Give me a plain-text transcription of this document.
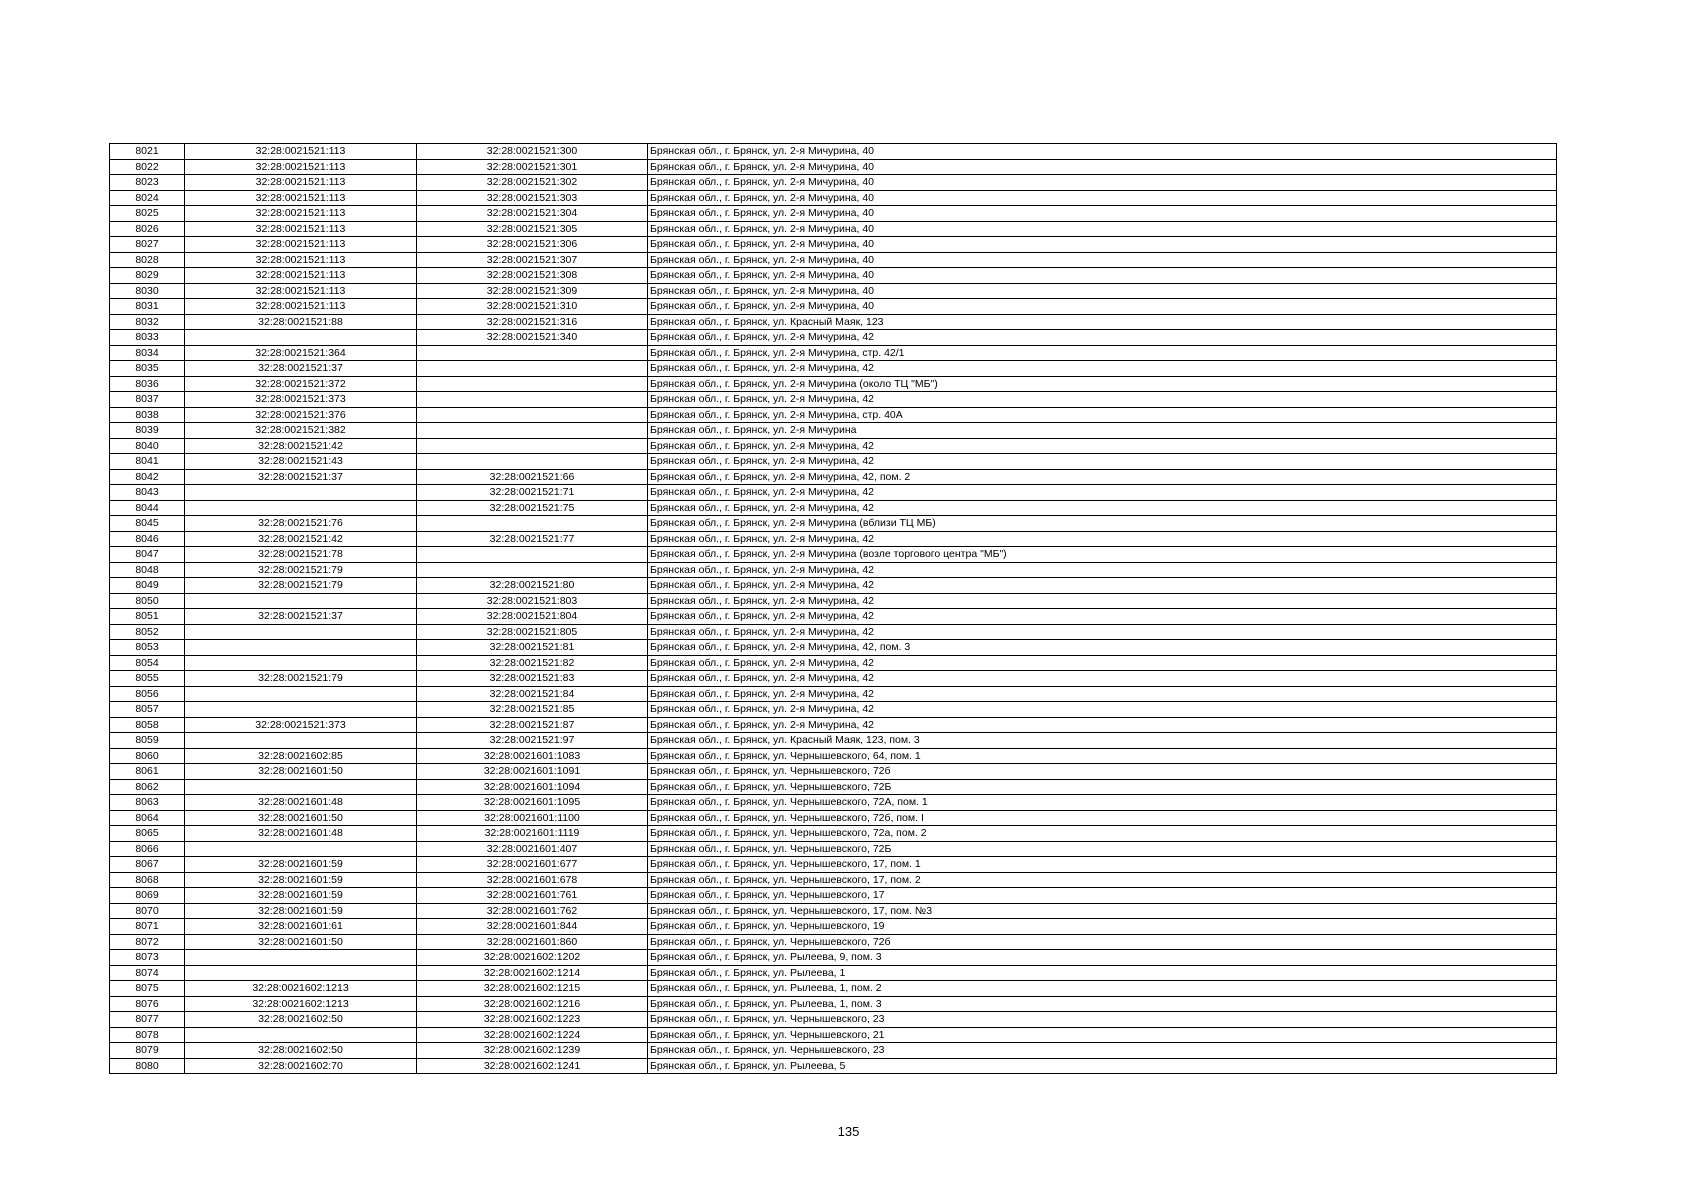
8021	32:28:0021521:113	32:28:0021521:300	Брянская обл., г. Брянск, ул. 2-я Мичурина, 40
8022	32:28:0021521:113	32:28:0021521:301	Брянская обл., г. Брянск, ул. 2-я Мичурина, 40
8023	32:28:0021521:113	32:28:0021521:302	Брянская обл., г. Брянск, ул. 2-я Мичурина, 40
8024	32:28:0021521:113	32:28:0021521:303	Брянская обл., г. Брянск, ул. 2-я Мичурина, 40
8025	32:28:0021521:113	32:28:0021521:304	Брянская обл., г. Брянск, ул. 2-я Мичурина, 40
8026	32:28:0021521:113	32:28:0021521:305	Брянская обл., г. Брянск, ул. 2-я Мичурина, 40
8027	32:28:0021521:113	32:28:0021521:306	Брянская обл., г. Брянск, ул. 2-я Мичурина, 40
8028	32:28:0021521:113	32:28:0021521:307	Брянская обл., г. Брянск, ул. 2-я Мичурина, 40
8029	32:28:0021521:113	32:28:0021521:308	Брянская обл., г. Брянск, ул. 2-я Мичурина, 40
8030	32:28:0021521:113	32:28:0021521:309	Брянская обл., г. Брянск, ул. 2-я Мичурина, 40
8031	32:28:0021521:113	32:28:0021521:310	Брянская обл., г. Брянск, ул. 2-я Мичурина, 40
8032	32:28:0021521:88	32:28:0021521:316	Брянская обл., г. Брянск, ул. Красный Маяк, 123
8033		32:28:0021521:340	Брянская обл., г. Брянск, ул. 2-я Мичурина, 42
8034	32:28:0021521:364		Брянская обл., г. Брянск, ул. 2-я Мичурина, стр. 42/1
8035	32:28:0021521:37		Брянская обл., г. Брянск, ул. 2-я Мичурина, 42
8036	32:28:0021521:372		Брянская обл., г. Брянск, ул. 2-я Мичурина (около ТЦ "МБ")
8037	32:28:0021521:373		Брянская обл., г. Брянск, ул. 2-я Мичурина, 42
8038	32:28:0021521:376		Брянская обл., г. Брянск, ул. 2-я Мичурина, стр. 40А
8039	32:28:0021521:382		Брянская обл., г. Брянск, ул. 2-я Мичурина
8040	32:28:0021521:42		Брянская обл., г. Брянск, ул. 2-я Мичурина, 42
8041	32:28:0021521:43		Брянская обл., г. Брянск, ул. 2-я Мичурина, 42
8042	32:28:0021521:37	32:28:0021521:66	Брянская обл., г. Брянск, ул. 2-я Мичурина, 42, пом. 2
8043		32:28:0021521:71	Брянская обл., г. Брянск, ул. 2-я Мичурина, 42
8044		32:28:0021521:75	Брянская обл., г. Брянск, ул. 2-я Мичурина, 42
8045	32:28:0021521:76		Брянская обл., г. Брянск, ул. 2-я Мичурина (вблизи ТЦ МБ)
8046	32:28:0021521:42	32:28:0021521:77	Брянская обл., г. Брянск, ул. 2-я Мичурина, 42
8047	32:28:0021521:78		Брянская обл., г. Брянск, ул. 2-я Мичурина (возле торгового центра "МБ")
8048	32:28:0021521:79		Брянская обл., г. Брянск, ул. 2-я Мичурина, 42
8049	32:28:0021521:79	32:28:0021521:80	Брянская обл., г. Брянск, ул. 2-я Мичурина, 42
8050		32:28:0021521:803	Брянская обл., г. Брянск, ул. 2-я Мичурина, 42
8051	32:28:0021521:37	32:28:0021521:804	Брянская обл., г. Брянск, ул. 2-я Мичурина, 42
8052		32:28:0021521:805	Брянская обл., г. Брянск, ул. 2-я Мичурина, 42
8053		32:28:0021521:81	Брянская обл., г. Брянск, ул. 2-я Мичурина, 42, пом. 3
8054		32:28:0021521:82	Брянская обл., г. Брянск, ул. 2-я Мичурина, 42
8055	32:28:0021521:79	32:28:0021521:83	Брянская обл., г. Брянск, ул. 2-я Мичурина, 42
8056		32:28:0021521:84	Брянская обл., г. Брянск, ул. 2-я Мичурина, 42
8057		32:28:0021521:85	Брянская обл., г. Брянск, ул. 2-я Мичурина, 42
8058	32:28:0021521:373	32:28:0021521:87	Брянская обл., г. Брянск, ул. 2-я Мичурина, 42
8059		32:28:0021521:97	Брянская обл., г. Брянск, ул. Красный Маяк, 123, пом. 3
8060	32:28:0021602:85	32:28:0021601:1083	Брянская обл., г. Брянск, ул. Чернышевского, 64, пом. 1
8061	32:28:0021601:50	32:28:0021601:1091	Брянская обл., г. Брянск, ул. Чернышевского, 72б
8062		32:28:0021601:1094	Брянская обл., г. Брянск, ул. Чернышевского, 72Б
8063	32:28:0021601:48	32:28:0021601:1095	Брянская обл., г. Брянск, ул. Чернышевского, 72А, пом. 1
8064	32:28:0021601:50	32:28:0021601:1100	Брянская обл., г. Брянск, ул. Чернышевского, 72б, пом. I
8065	32:28:0021601:48	32:28:0021601:1119	Брянская обл., г. Брянск, ул. Чернышевского, 72а, пом. 2
8066		32:28:0021601:407	Брянская обл., г. Брянск, ул. Чернышевского, 72Б
8067	32:28:0021601:59	32:28:0021601:677	Брянская обл., г. Брянск, ул. Чернышевского, 17, пом. 1
8068	32:28:0021601:59	32:28:0021601:678	Брянская обл., г. Брянск, ул. Чернышевского, 17, пом. 2
8069	32:28:0021601:59	32:28:0021601:761	Брянская обл., г. Брянск, ул. Чернышевского, 17
8070	32:28:0021601:59	32:28:0021601:762	Брянская обл., г. Брянск, ул. Чернышевского, 17, пом. №3
8071	32:28:0021601:61	32:28:0021601:844	Брянская обл., г. Брянск, ул. Чернышевского, 19
8072	32:28:0021601:50	32:28:0021601:860	Брянская обл., г. Брянск, ул. Чернышевского, 72б
8073		32:28:0021602:1202	Брянская обл., г. Брянск, ул. Рылеева, 9, пом. 3
8074		32:28:0021602:1214	Брянская обл., г. Брянск, ул. Рылеева, 1
8075	32:28:0021602:1213	32:28:0021602:1215	Брянская обл., г. Брянск, ул. Рылеева, 1, пом. 2
8076	32:28:0021602:1213	32:28:0021602:1216	Брянская обл., г. Брянск, ул. Рылеева, 1, пом. 3
8077	32:28:0021602:50	32:28:0021602:1223	Брянская обл., г. Брянск, ул. Чернышевского, 23
8078		32:28:0021602:1224	Брянская обл., г. Брянск, ул. Чернышевского, 21
8079	32:28:0021602:50	32:28:0021602:1239	Брянская обл., г. Брянск, ул. Чернышевского, 23
8080	32:28:0021602:70	32:28:0021602:1241	Брянская обл., г. Брянск, ул. Рылеева, 5
135
